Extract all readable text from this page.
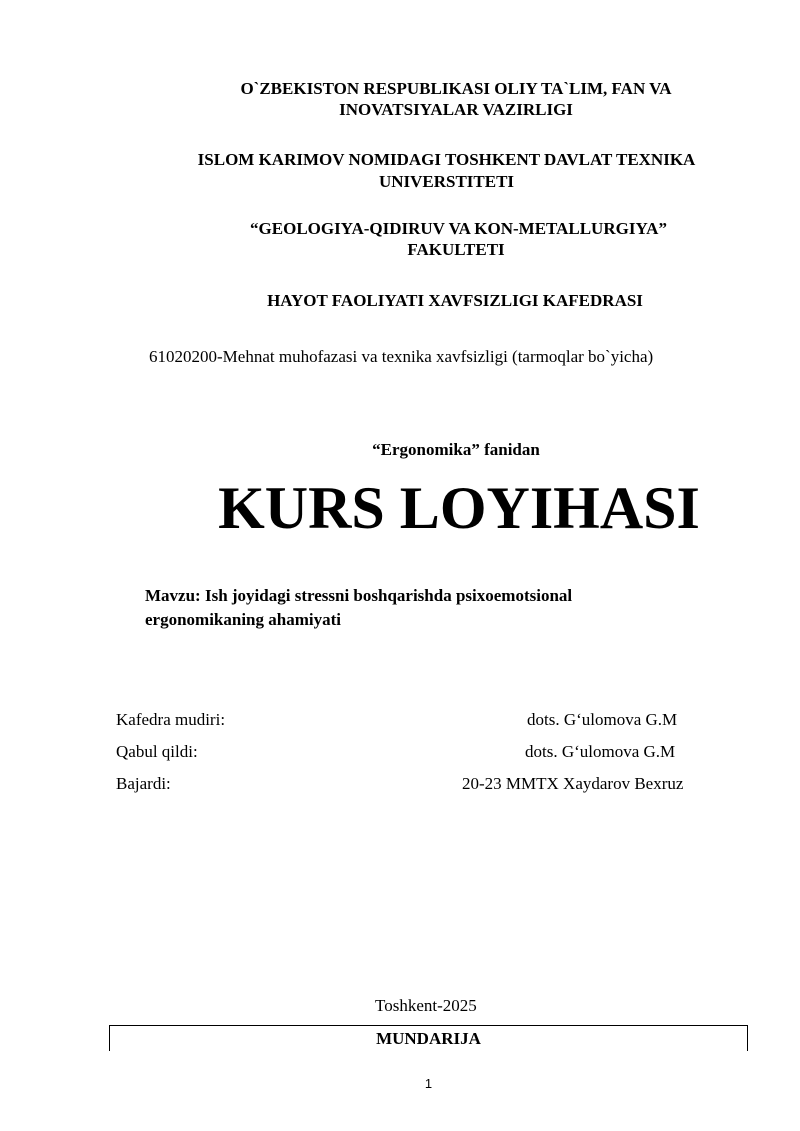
O`ZBEKISTON RESPUBLIKASI OLIY TA`LIM, FAN VA
INOVATSIYALAR VAZIRLIGI
ISLOM KARIMOV NOMIDAGI TOSHKENT DAVLAT TEXNIKA
UNIVERSTITETI
“GEOLOGIYA-QIDIRUV VA KON-METALLURGIYA”
FAKULTETI
HAYOT FAOLIYATI XAVFSIZLIGI KAFEDRASI
61020200-Mehnat muhofazasi va texnika xavfsizligi (tarmoqlar bo`yicha)
“Ergonomika” fanidan
KURS LOYIHASI
Mavzu: Ish joyidagi stressni boshqarishda psixoemotsional
ergonomikaning ahamiyati
Kafedra mudiri:	dots. G‘ulomova G.M
Qabul qildi:	dots. G‘ulomova G.M
Bajardi:	20-23 MMTX Xaydarov Bexruz
Toshkent-2025
MUNDARIJA
1
